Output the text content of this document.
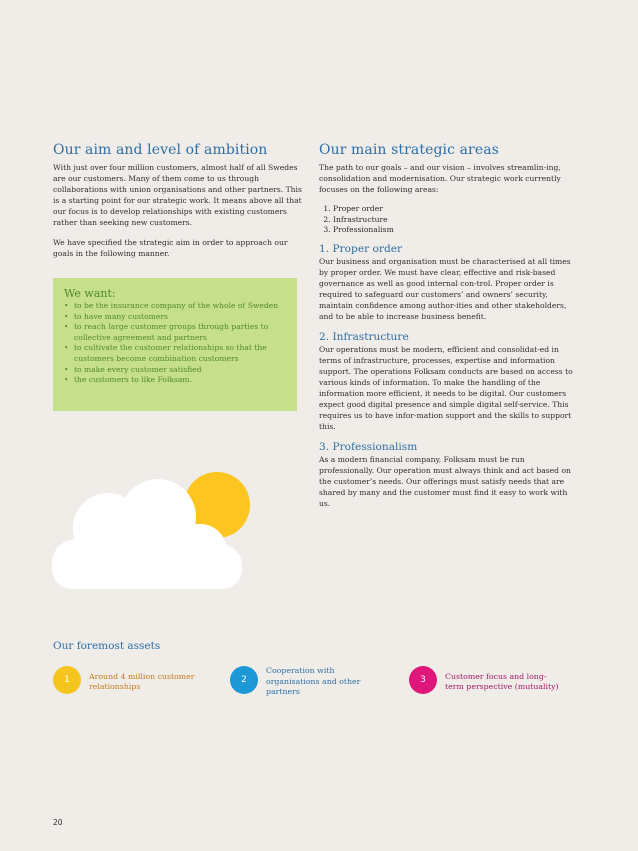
Our aim and level of ambition

With just over four million customers, almost half of all Swedes are our customers. Many of them come to us through collaborations with union organisations and other partners. This is a starting point for our strategic work. It means above all that our focus is to develop relationships with existing customers rather than seeking new customers.

We have specified the strategic aim in order to approach our goals in the following manner.

We want:
• to be the insurance company of the whole of Sweden
• to have many customers
• to reach large customer groups through parties to collective agreement and partners
• to cultivate the customer relationships so that the customers become combination customers
• to make every customer satisfied
• the customers to like Folksam.
Our main strategic areas

The path to our goals – and our vision – involves streamlin-ing, consolidation and modernisation. Our strategic work currently focuses on the following areas:

1. Proper order
2. Infrastructure
3. Professionalism
1. Proper order

Our business and organisation must be characterised at all times by proper order. We must have clear, effective and risk-based governance as well as good internal con-trol. Proper order is required to safeguard our customers’ and owners’ security, maintain confidence among author-ities and other stakeholders, and to be able to increase business benefit.

2. Infrastructure

Our operations must be modern, efficient and consolidat-ed in terms of infrastructure, processes, expertise and information support. The operations Folksam conducts are based on access to various kinds of information. To make the handling of the information more efficient, it needs to be digital. Our customers expect good digital presence and simple digital self-service. This requires us to have infor-mation support and the skills to support this.

3. Professionalism

As a modern financial company, Folksam must be run professionally. Our operation must always think and act based on the customer’s needs. Our offerings must satisfy needs that are shared by many and the customer must find it easy to work with us.

Our foremost assets
1	Around 4 million customer relationships
2
Cooperation with organisations and other partners
3	Customer focus and long-term perspective (mutuality)
20
